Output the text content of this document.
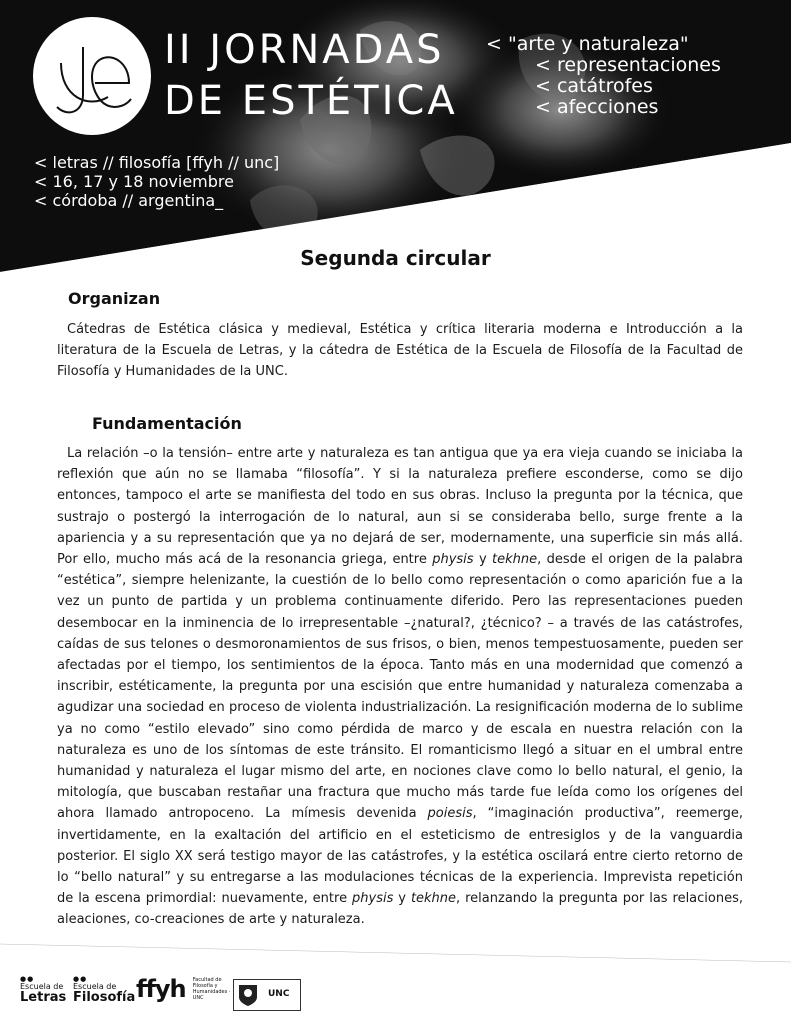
II JORNADAS
DE ESTÉTICA
< "arte y naturaleza"
< representaciones
< catátrofes
< afecciones
< letras // filosofía [ffyh // unc]
< 16, 17 y 18 noviembre
< córdoba // argentina_
Segunda circular
Organizan

Cátedras de Estética clásica y medieval, Estética y crítica literaria moderna e Introducción a la literatura de la Escuela de Letras, y la cátedra de Estética de la Escuela de Filosofía de la Facultad de Filosofía y Humanidades de la UNC.

Fundamentación

La relación –o la tensión– entre arte y naturaleza es tan antigua que ya era vieja cuando se iniciaba la reflexión que aún no se llamaba “filosofía”. Y si la naturaleza prefiere esconderse, como se dijo entonces, tampoco el arte se manifiesta del todo en sus obras. Incluso la pregunta por la técnica, que sustrajo o postergó la interrogación de lo natural, aun si se consideraba bello, surge frente a la apariencia y a su representación que ya no dejará de ser, modernamente, una superficie sin más allá. Por ello, mucho más acá de la resonancia griega, entre physis y tekhne, desde el origen de la palabra “estética”, siempre helenizante, la cuestión de lo bello como representación o como aparición fue a la vez un punto de partida y un problema continuamente diferido. Pero las representaciones pueden desembocar en la inminencia de lo irrepresentable –¿natural?, ¿técnico? – a través de las catástrofes, caídas de sus telones o desmoronamientos de sus frisos, o bien, menos tempestuosamente, pueden ser afectadas por el tiempo, los sentimientos de la época. Tanto más en una modernidad que comenzó a inscribir, estéticamente, la pregunta por una escisión que entre humanidad y naturaleza comenzaba a agudizar una sociedad en proceso de violenta industrialización. La resignificación moderna de lo sublime ya no como “estilo elevado” sino como pérdida de marco y de escala en nuestra relación con la naturaleza es uno de los síntomas de este tránsito. El romanticismo llegó a situar en el umbral entre humanidad y naturaleza el lugar mismo del arte, en nociones clave como lo bello natural, el genio, la mitología, que buscaban restañar una fractura que mucho más tarde fue leída como los orígenes del ahora llamado antropoceno. La mímesis devenida poiesis, “imaginación productiva”, reemerge, invertidamente, en la exaltación del artificio en el esteticismo de entresiglos y de la vanguardia posterior. El siglo XX será testigo mayor de las catástrofes, y la estética oscilará entre cierto retorno de lo “bello natural” y su entregarse a las modulaciones técnicas de la experiencia. Imprevista repetición de la escena primordial: nuevamente, entre physis y tekhne, relanzando la pregunta por las relaciones, aleaciones, co-creaciones de arte y naturaleza.

●●
Escuela de
Letras
●●
Escuela de
Filosofía ffyh Facultad de Filosofía y Humanidades · UNC	UNC
